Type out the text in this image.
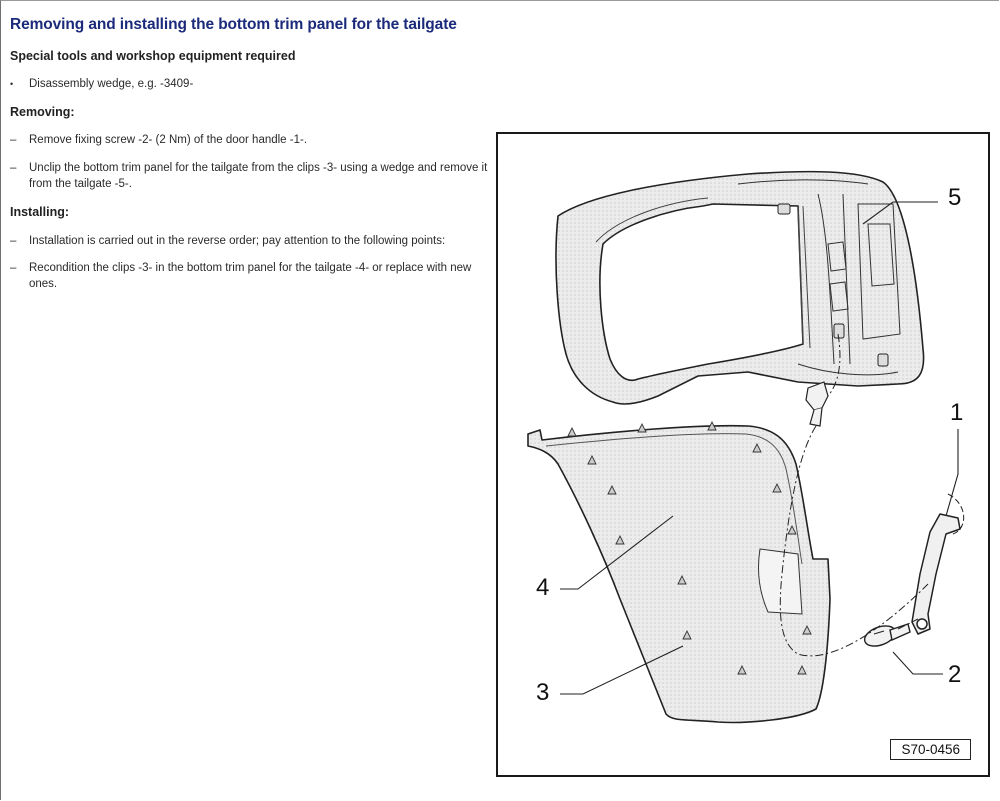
Removing and installing the bottom trim panel for the tailgate
Special tools and workshop equipment required
•	Disassembly wedge, e.g. -3409-
Removing:
–	Remove fixing screw -2- (2 Nm) of the door handle -1-.
–	Unclip the bottom trim panel for the tailgate from the clips -3- using a wedge and remove it from the tailgate -5-.
Installing:
–	Installation is carried out in the reverse order; pay attention to the following points:
–	Recondition the clips -3- in the bottom trim panel for the tailgate -4- or replace with new ones.
5
1
2
4
3
S70-0456
